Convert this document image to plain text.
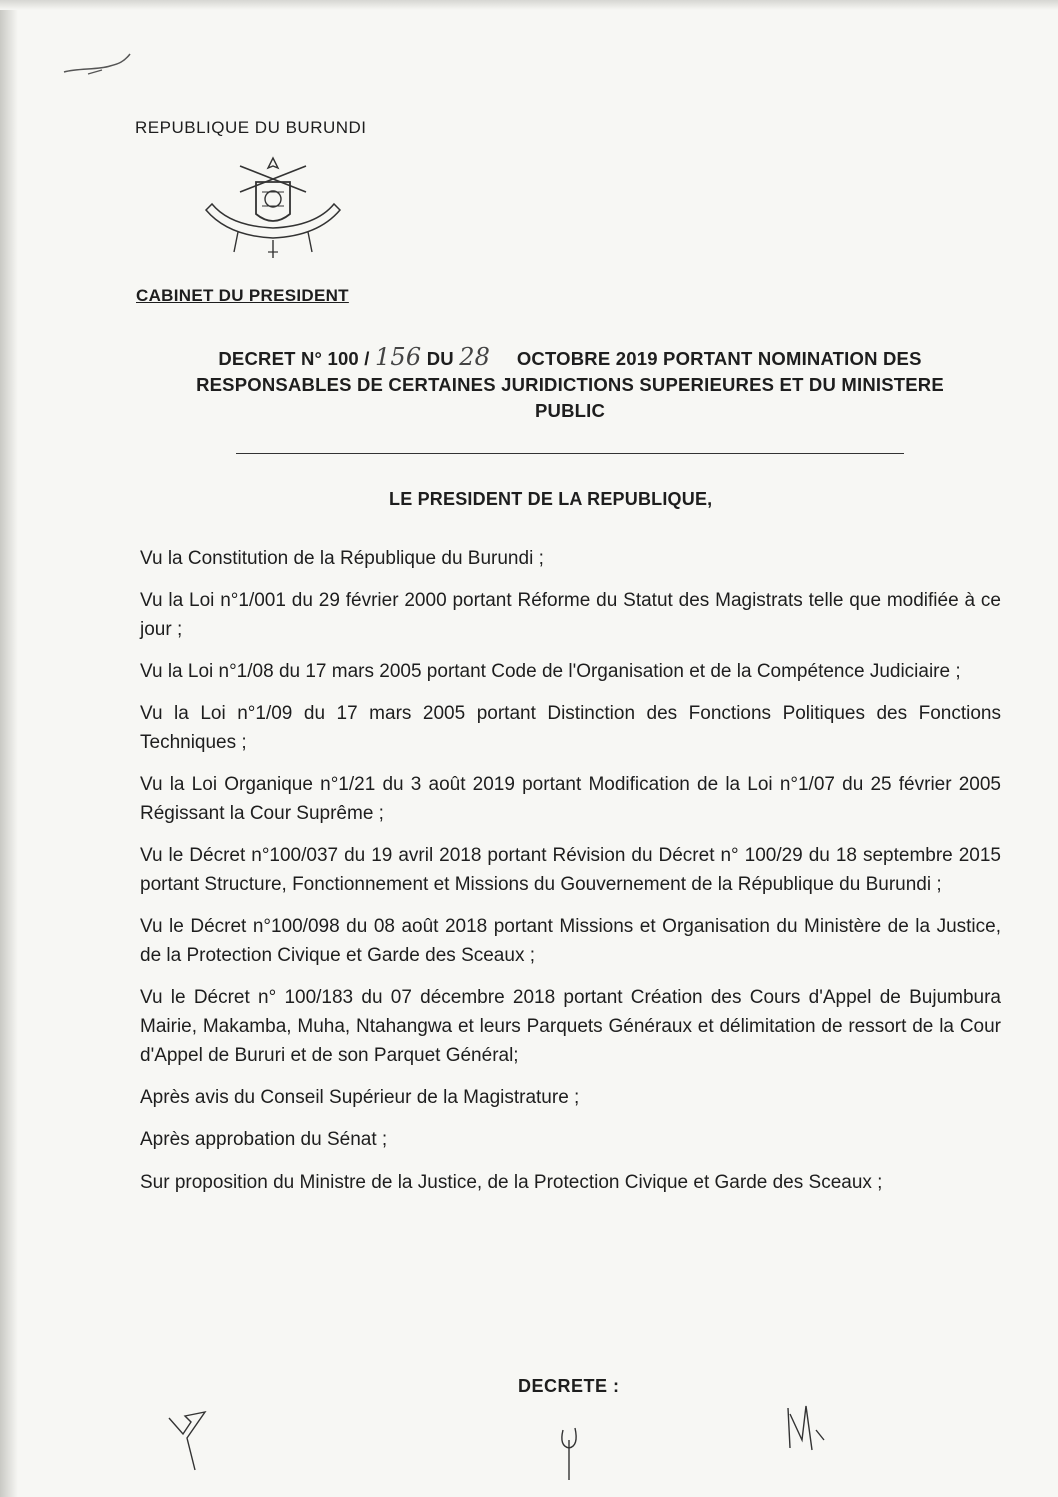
REPUBLIQUE DU BURUNDI
CABINET DU PRESIDENT
DECRET N° 100 / 156 DU 28 OCTOBRE 2019 PORTANT NOMINATION DES
RESPONSABLES DE CERTAINES JURIDICTIONS SUPERIEURES ET DU MINISTERE
PUBLIC
LE PRESIDENT DE LA REPUBLIQUE,

Vu la Constitution de la République du Burundi ;

Vu la Loi n°1/001 du 29 février 2000 portant Réforme du Statut des Magistrats telle que modifiée à ce jour ;

Vu la Loi n°1/08 du 17 mars 2005 portant Code de l'Organisation et de la Compétence Judiciaire ;

Vu la Loi n°1/09 du 17 mars 2005 portant Distinction des Fonctions Politiques des Fonctions Techniques ;

Vu la Loi Organique n°1/21 du 3 août 2019 portant Modification de la Loi n°1/07 du 25 février 2005 Régissant la Cour Suprême ;

Vu le Décret n°100/037 du 19 avril 2018 portant Révision du Décret n° 100/29 du 18 septembre 2015 portant Structure, Fonctionnement et Missions du Gouvernement de la République du Burundi ;

Vu le Décret n°100/098 du 08 août 2018 portant Missions et Organisation du Ministère de la Justice, de la Protection Civique et Garde des Sceaux ;

Vu le Décret n° 100/183 du 07 décembre 2018 portant Création des Cours d'Appel de Bujumbura Mairie, Makamba, Muha, Ntahangwa et leurs Parquets Généraux et délimitation de ressort de la Cour d'Appel de Bururi et de son Parquet Général;

Après avis du Conseil Supérieur de la Magistrature ;

Après approbation du Sénat ;

Sur proposition du Ministre de la Justice, de la Protection Civique et Garde des Sceaux ;

DECRETE :
